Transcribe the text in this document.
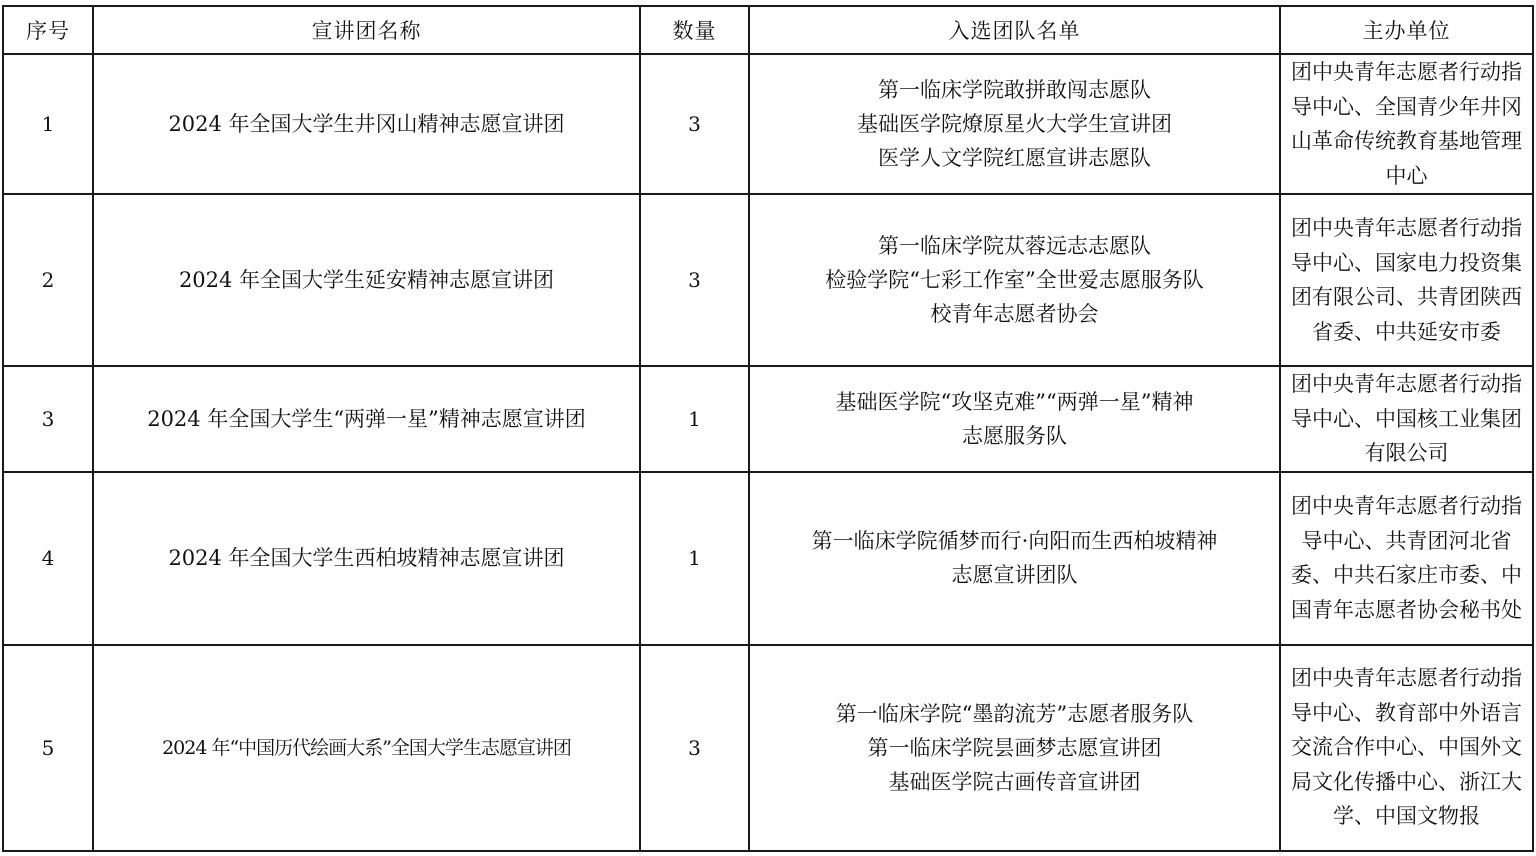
序号	宣讲团名称	数量	入选团队名单	主办单位
1	2024 年全国大学生井冈山精神志愿宣讲团	3	第一临床学院敢拼敢闯志愿队
基础医学院燎原星火大学生宣讲团
医学人文学院红愿宣讲志愿队	团中央青年志愿者行动指导中心、全国青少年井冈山革命传统教育基地管理中心
2	2024 年全国大学生延安精神志愿宣讲团	3	第一临床学院苁蓉远志志愿队
检验学院“七彩工作室”全世爱志愿服务队
校青年志愿者协会	团中央青年志愿者行动指导中心、国家电力投资集团有限公司、共青团陕西省委、中共延安市委
3	2024 年全国大学生“两弹一星”精神志愿宣讲团	1	基础医学院“攻坚克难”“两弹一星”精神
志愿服务队	团中央青年志愿者行动指导中心、中国核工业集团有限公司
4	2024 年全国大学生西柏坡精神志愿宣讲团	1	第一临床学院循梦而行·向阳而生西柏坡精神
志愿宣讲团队	团中央青年志愿者行动指导中心、共青团河北省委、中共石家庄市委、中国青年志愿者协会秘书处
5	2024 年“中国历代绘画大系”全国大学生志愿宣讲团	3	第一临床学院“墨韵流芳”志愿者服务队
第一临床学院昙画梦志愿宣讲团
基础医学院古画传音宣讲团	团中央青年志愿者行动指导中心、教育部中外语言交流合作中心、中国外文局文化传播中心、浙江大学、中国文物报
